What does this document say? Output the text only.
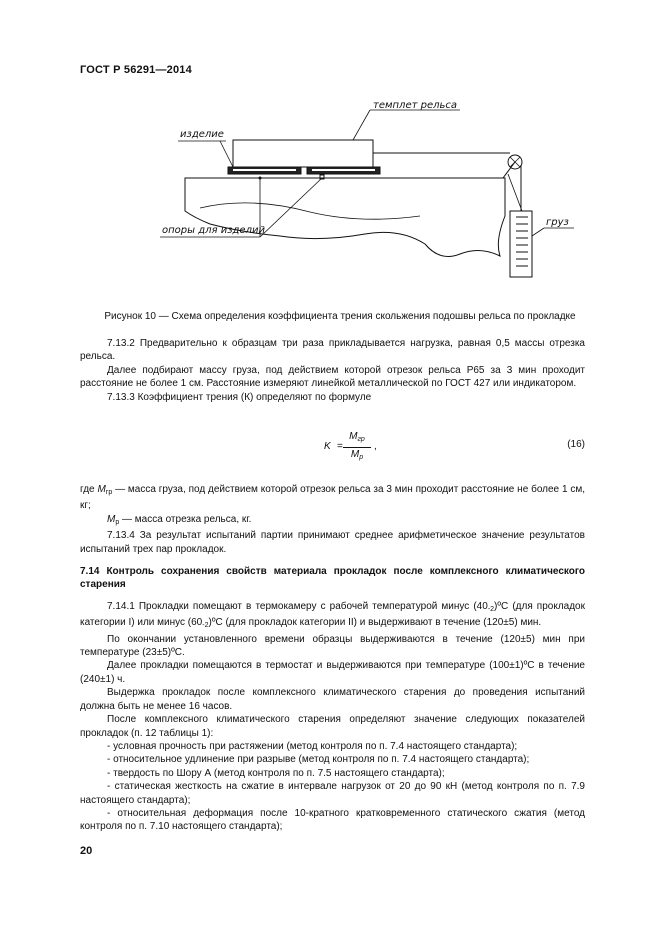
ГОСТ Р 56291—2014
темплет рельса
изделие
опоры для изделий
груз
Рисунок 10 — Схема определения коэффициента трения скольжения подошвы рельса по прокладке

7.13.2 Предварительно к образцам три раза прикладывается нагрузка, равная 0,5 массы отрезка рельса.

Далее подбирают массу груза, под действием которой отрезок рельса Р65 за 3 мин проходит расстояние не более 1 см. Расстояние измеряют линейкой металлической по ГОСТ 427 или индикатором.

7.13.3 Коэффициент трения (К) определяют по формуле

K =
$M_{гр}$
$M_р$
,	(16)

где $M_{гр}$ — масса груза, под действием которой отрезок рельса за 3 мин проходит расстояние не более 1 см, кг;

$M_р$ — масса отрезка рельса, кг.

7.13.4 За результат испытаний партии принимают среднее арифметическое значение результатов испытаний трех пар прокладок.

7.14 Контроль сохранения свойств материала прокладок после комплексного климатического старения

7.14.1 Прокладки помещают в термокамеру с рабочей температурой минус $(40_{-2})ºС$ (для прокладок категории I) или минус $(60_{-2})ºС$ (для прокладок категории II) и выдерживают в течение (120±5) мин.

По окончании установленного времени образцы выдерживаются в течение (120±5) мин при температуре (23±5)ºС.

Далее прокладки помещаются в термостат и выдерживаются при температуре (100±1)ºС в течение (240±1) ч.

Выдержка прокладок после комплексного климатического старения до проведения испытаний должна быть не менее 16 часов.

После комплексного климатического старения определяют значение следующих показателей прокладок (п. 12 таблицы 1):

- условная прочность при растяжении (метод контроля по п. 7.4 настоящего стандарта);

- относительное удлинение при разрыве (метод контроля по п. 7.4 настоящего стандарта);

- твердость по Шору А (метод контроля по п. 7.5 настоящего стандарта);

- статическая жесткость на сжатие в интервале нагрузок от 20 до 90 кН (метод контроля по п. 7.9 настоящего стандарта);

- относительная деформация после 10-кратного кратковременного статического сжатия (метод контроля по п. 7.10 настоящего стандарта);

20
